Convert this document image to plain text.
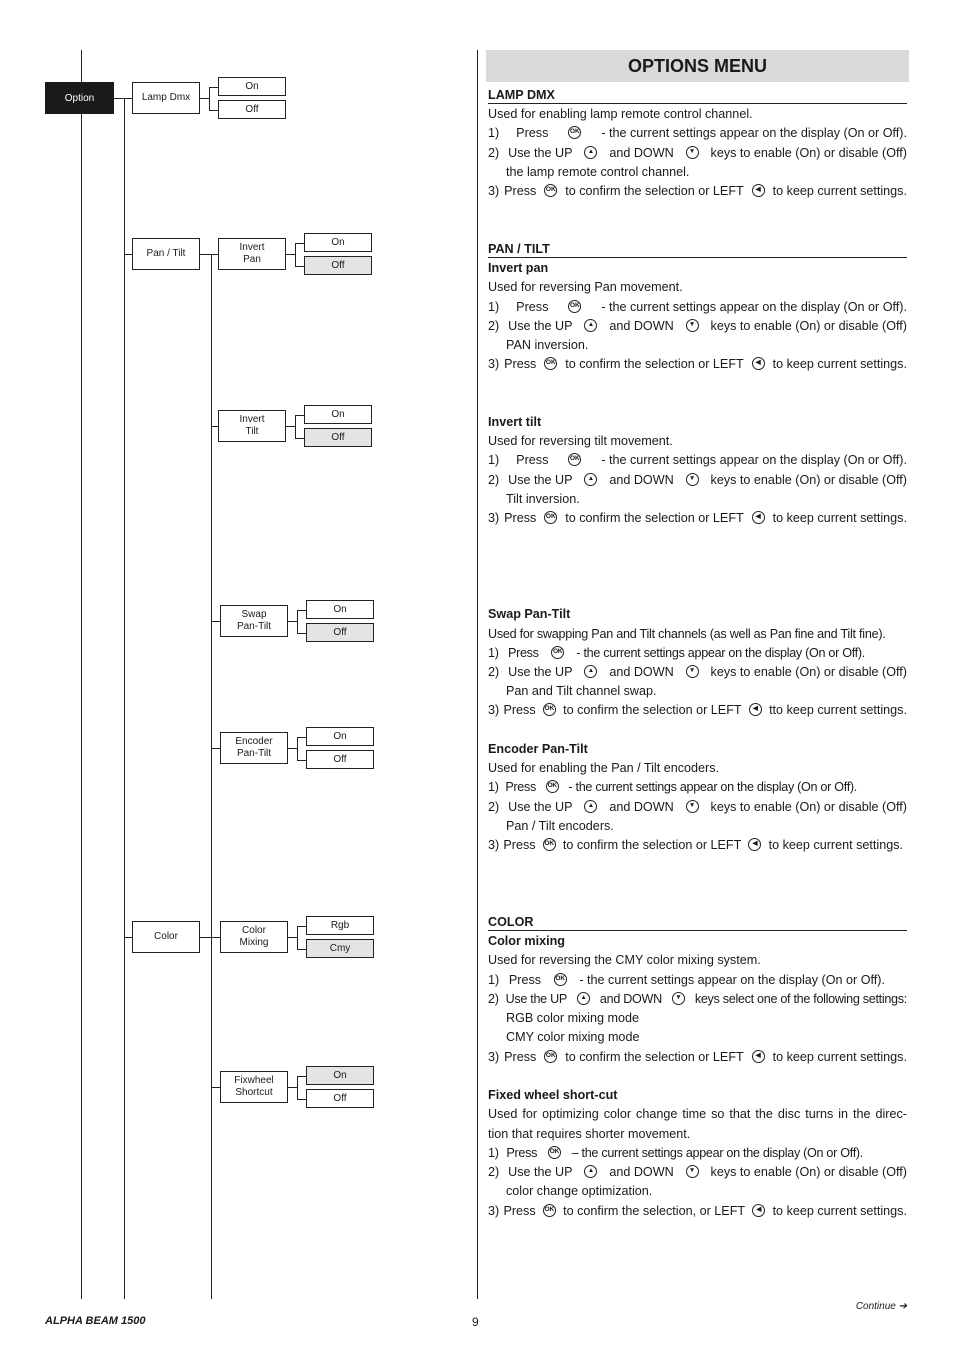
Option	Lamp Dmx
Pan / Tilt
Color
On
Off
Invert
Pan
Invert
Tilt
Swap
Pan-Tilt
Encoder
Pan-Tilt
Color
Mixing
Fixwheel
Shortcut
On
Off
On
Off
On
Off
On
Off
Rgb
Cmy
On
Off
OPTIONS MENU
LAMP DMX
Used for enabling lamp remote control channel.
1) Press	OK - the current settings appear on the display (On or Off).
2) Use the UP	▲ and DOWN	▼ keys to enable (On) or disable (Off)
the lamp remote control channel.
3) Press OK to confirm the selection or LEFT	◀ to keep current settings.
PAN / TILT
Invert pan
Used for reversing Pan movement.
1) Press	OK - the current settings appear on the display (On or Off).
2) Use the UP	▲ and DOWN	▼ keys to enable (On) or disable (Off)
PAN inversion.
3) Press OK to confirm the selection or LEFT	◀ to keep current settings.
Invert tilt
Used for reversing tilt movement.
1) Press	OK - the current settings appear on the display (On or Off).
2) Use the UP	▲ and DOWN	▼ keys to enable (On) or disable (Off)
Tilt inversion.
3) Press OK to confirm the selection or LEFT	◀ to keep current settings.
Swap Pan-Tilt
Used for swapping Pan and Tilt channels (as well as Pan fine and Tilt fine).
1) Press OK - the current settings appear on the display (On or Off).
2) Use the UP	▲ and DOWN	▼ keys to enable (On) or disable (Off)
Pan and Tilt channel swap.
3) Press OK to confirm the selection or LEFT	◀ tto keep current settings.
Encoder Pan-Tilt
Used for enabling the Pan / Tilt encoders.
1) Press OK - the current settings appear on the display (On or Off).
2) Use the UP	▲ and DOWN	▼ keys to enable (On) or disable (Off)
Pan / Tilt encoders.
3) Press OK to confirm the selection or LEFT	◀ to keep current settings.
COLOR
Color mixing
Used for reversing the CMY color mixing system.
1) Press OK - the current settings appear on the display (On or Off).
2) Use the UP	▲ and DOWN	▼ keys select one of the following settings:
RGB color mixing mode
CMY color mixing mode
3) Press OK to confirm the selection or LEFT	◀ to keep current settings.
Fixed wheel short-cut
Used for optimizing color change time so that the disc turns in the direc-
tion that requires shorter movement.
1) Press OK – the current settings appear on the display (On or Off).
2) Use the UP	▲ and DOWN	▼ keys to enable (On) or disable (Off)
color change optimization.
3) Press OK to confirm the selection, or LEFT	◀ to keep current settings.
ALPHA BEAM 1500	9
Continue ➔
